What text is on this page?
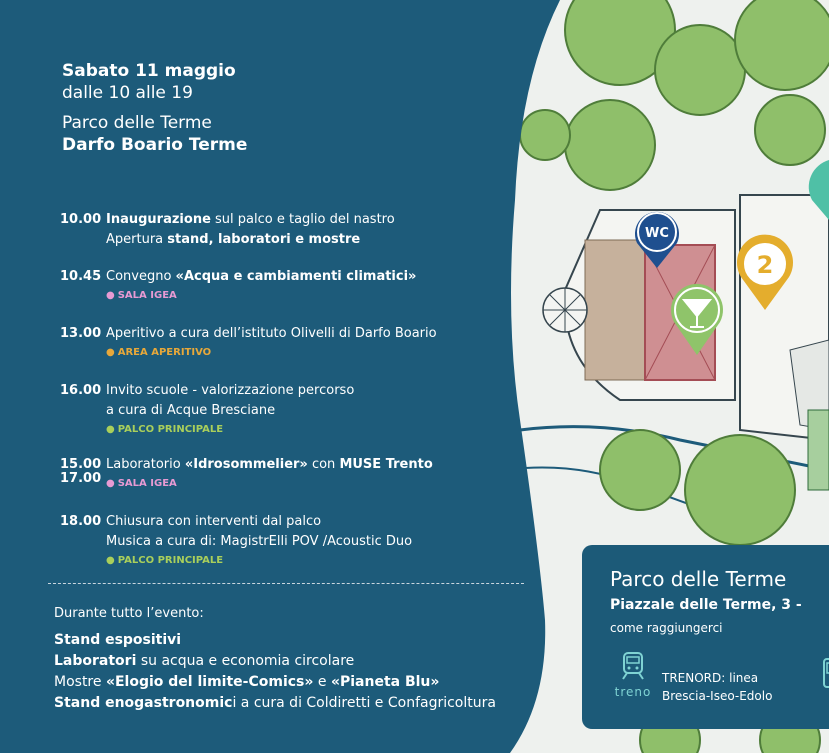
WC
2
Sabato 11 maggio
dalle 10 alle 19
Parco delle Terme
Darfo Boario Terme
10.00 Inaugurazione sul palco e taglio del nastro
Apertura stand, laboratori e mostre
10.45 Convegno «Acqua e cambiamenti climatici»
● SALA IGEA
13.00 Aperitivo a cura dell’istituto Olivelli di Darfo Boario
● AREA APERITIVO
16.00 Invito scuole - valorizzazione percorso
a cura di Acque Bresciane
● PALCO PRINCIPALE
15.00
17.00
Laboratorio «Idrosommelier» con MUSE Trento
● SALA IGEA
18.00 Chiusura con interventi dal palco
Musica a cura di: MagistrElli POV /Acoustic Duo
● PALCO PRINCIPALE
Durante tutto l’evento:
Stand espositivi
Laboratori su acqua e economia circolare
Mostre «Elogio del limite-Comics» e «Pianeta Blu»
Stand enogastronomici a cura di Coldiretti e Confagricoltura
Parco delle Terme
Piazzale delle Terme, 3 -
come raggiungerci
treno
TRENORD: linea
Brescia-Iseo-Edolo
